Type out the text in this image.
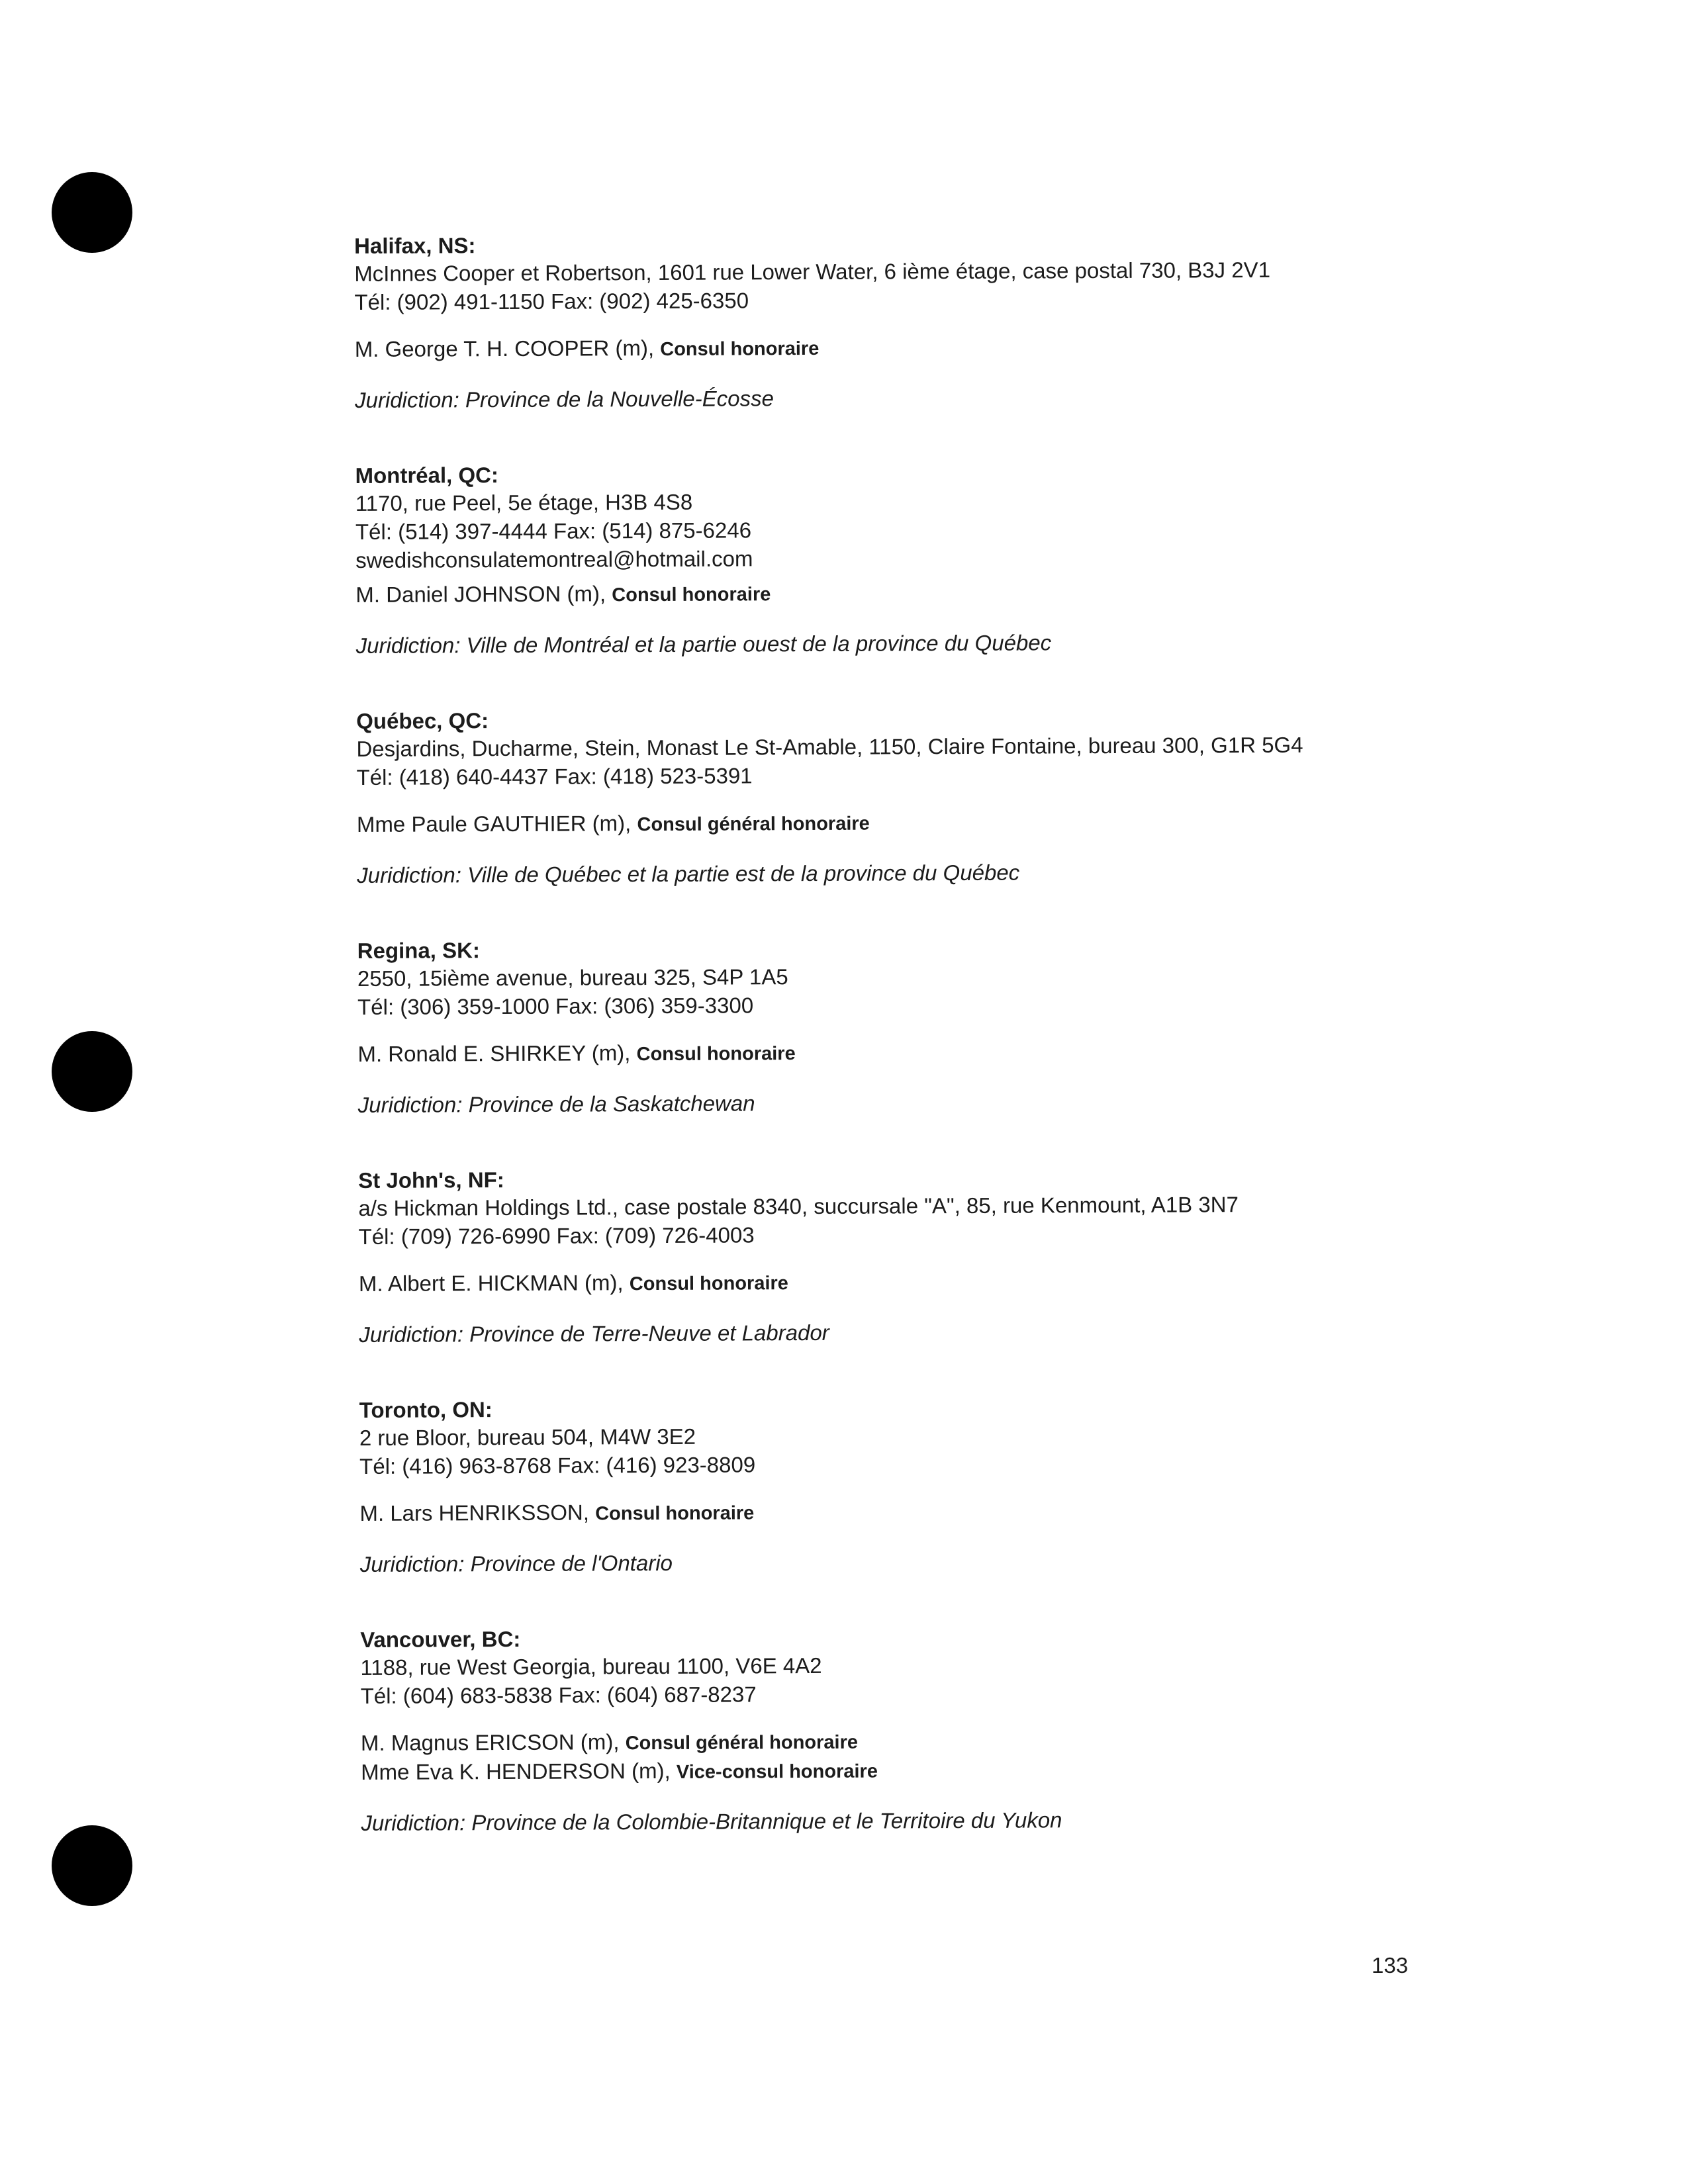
Halifax, NS:

McInnes Cooper et Robertson, 1601 rue Lower Water, 6 ième étage, case postal 730, B3J 2V1

Tél: (902) 491-1150 Fax: (902) 425-6350

M. George T. H. COOPER (m), Consul honoraire

Juridiction: Province de la Nouvelle-Écosse

Montréal, QC:

1170, rue Peel, 5e étage, H3B 4S8

Tél: (514) 397-4444 Fax: (514) 875-6246

swedishconsulatemontreal@hotmail.com

M. Daniel JOHNSON (m), Consul honoraire

Juridiction: Ville de Montréal et la partie ouest de la province du Québec

Québec, QC:

Desjardins, Ducharme, Stein, Monast Le St-Amable, 1150, Claire Fontaine, bureau 300, G1R 5G4

Tél: (418) 640-4437 Fax: (418) 523-5391

Mme Paule GAUTHIER (m), Consul général honoraire

Juridiction: Ville de Québec et la partie est de la province du Québec

Regina, SK:

2550, 15ième avenue, bureau 325, S4P 1A5

Tél: (306) 359-1000 Fax: (306) 359-3300

M. Ronald E. SHIRKEY (m), Consul honoraire

Juridiction: Province de la Saskatchewan

St John's, NF:

a/s Hickman Holdings Ltd., case postale 8340, succursale "A", 85, rue Kenmount, A1B 3N7

Tél: (709) 726-6990 Fax: (709) 726-4003

M. Albert E. HICKMAN (m), Consul honoraire

Juridiction: Province de Terre-Neuve et Labrador

Toronto, ON:

2 rue Bloor, bureau 504, M4W 3E2

Tél: (416) 963-8768 Fax: (416) 923-8809

M. Lars HENRIKSSON, Consul honoraire

Juridiction: Province de l'Ontario

Vancouver, BC:

1188, rue West Georgia, bureau 1100, V6E 4A2

Tél: (604) 683-5838 Fax: (604) 687-8237

M. Magnus ERICSON (m), Consul général honoraire

Mme Eva K. HENDERSON (m), Vice-consul honoraire

Juridiction: Province de la Colombie-Britannique et le Territoire du Yukon

133
